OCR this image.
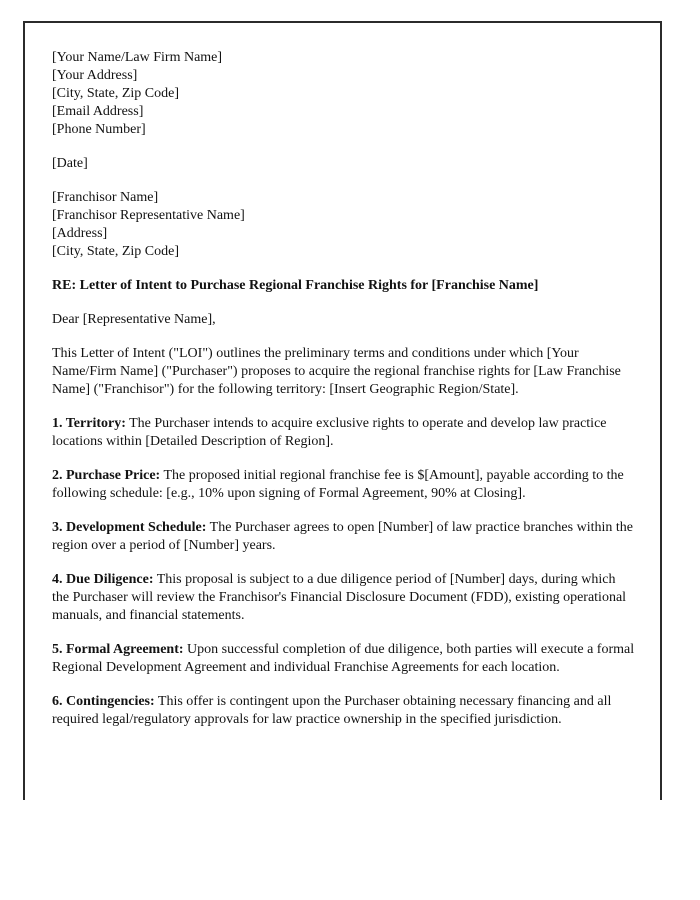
[Your Name/Law Firm Name]
[Your Address]
[City, State, Zip Code]
[Email Address]
[Phone Number]

[Date]

[Franchisor Name]
[Franchisor Representative Name]
[Address]
[City, State, Zip Code]

RE: Letter of Intent to Purchase Regional Franchise Rights for [Franchise Name]

Dear [Representative Name],

This Letter of Intent ("LOI") outlines the preliminary terms and conditions under which [Your Name/Firm Name] ("Purchaser") proposes to acquire the regional franchise rights for [Law Franchise Name] ("Franchisor") for the following territory: [Insert Geographic Region/State].

1. Territory: The Purchaser intends to acquire exclusive rights to operate and develop law practice locations within [Detailed Description of Region].

2. Purchase Price: The proposed initial regional franchise fee is $[Amount], payable according to the following schedule: [e.g., 10% upon signing of Formal Agreement, 90% at Closing].

3. Development Schedule: The Purchaser agrees to open [Number] of law practice branches within the region over a period of [Number] years.

4. Due Diligence: This proposal is subject to a due diligence period of [Number] days, during which the Purchaser will review the Franchisor's Financial Disclosure Document (FDD), existing operational manuals, and financial statements.

5. Formal Agreement: Upon successful completion of due diligence, both parties will execute a formal Regional Development Agreement and individual Franchise Agreements for each location.

6. Contingencies: This offer is contingent upon the Purchaser obtaining necessary financing and all required legal/regulatory approvals for law practice ownership in the specified jurisdiction.
